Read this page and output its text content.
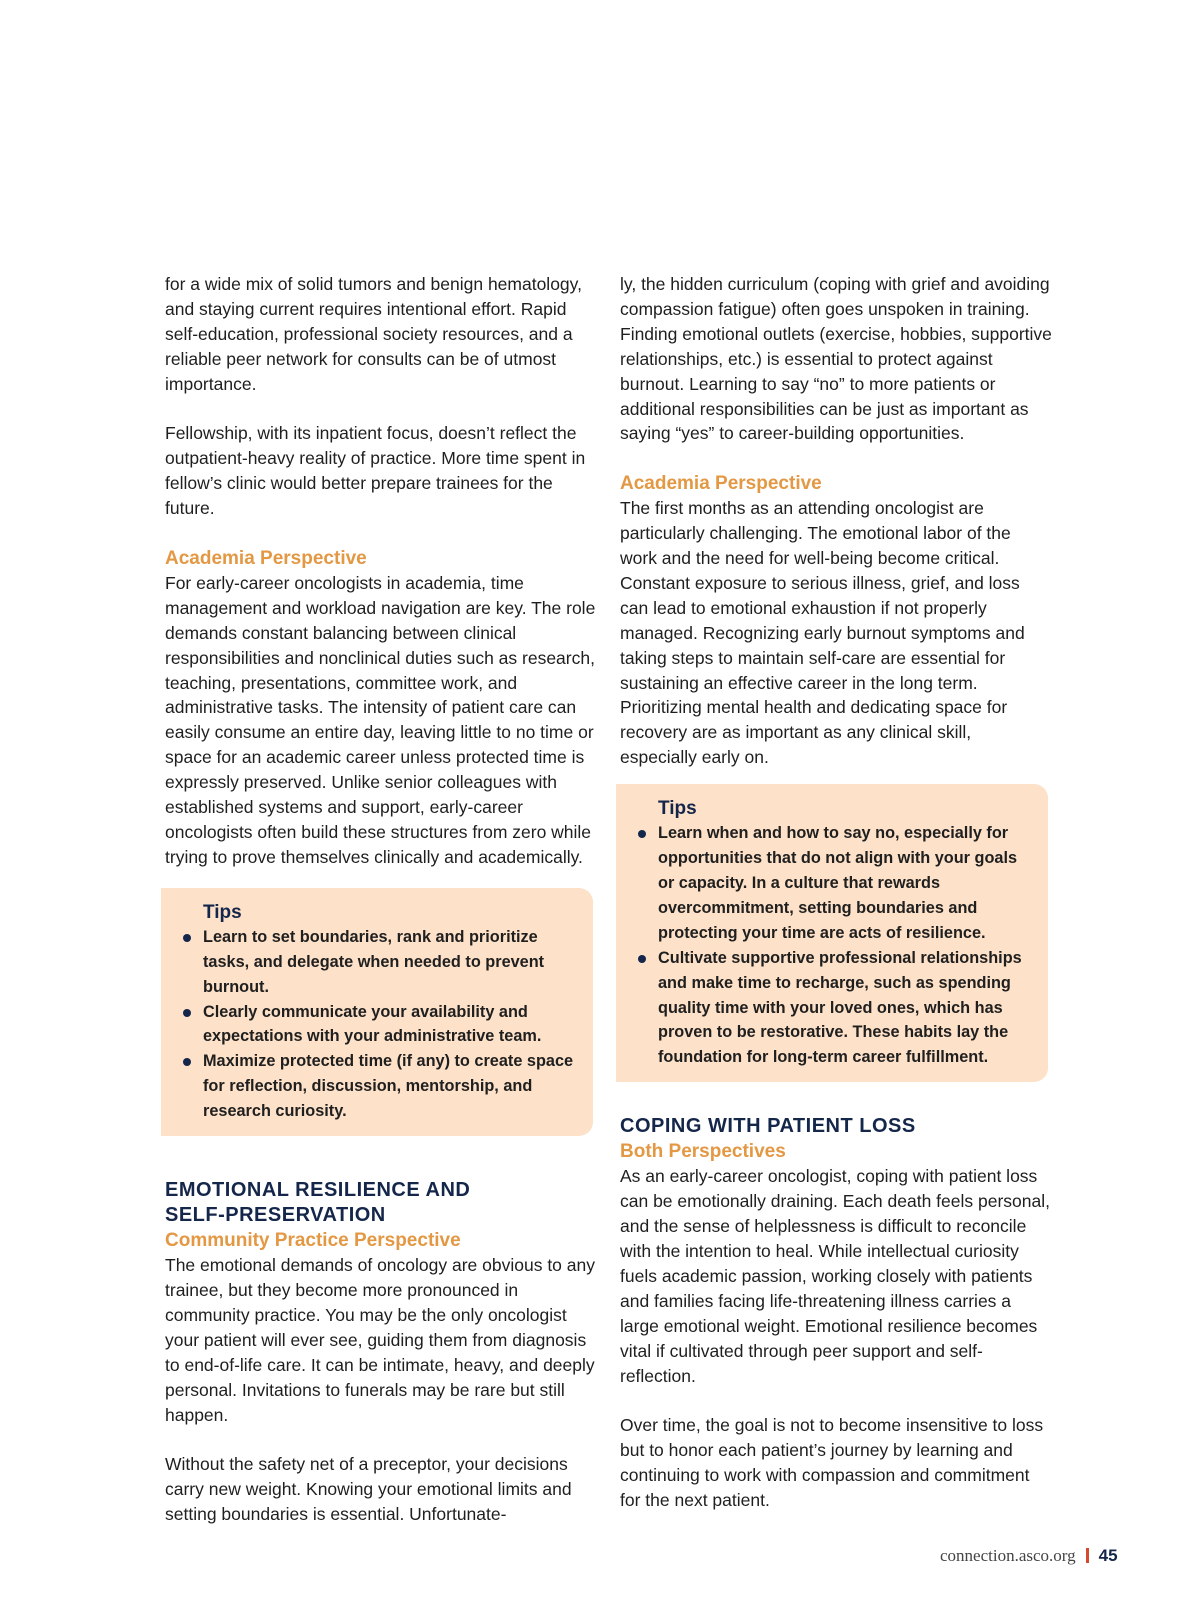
for a wide mix of solid tumors and benign hematology, and staying current requires intentional effort. Rapid self-education, professional society resources, and a reliable peer network for consults can be of utmost importance.

Fellowship, with its inpatient focus, doesn’t reflect the outpatient-heavy reality of practice. More time spent in fellow’s clinic would better prepare trainees for the future.

Academia Perspective

For early-career oncologists in academia, time management and workload navigation are key. The role demands constant balancing between clinical responsibilities and nonclinical duties such as research, teaching, presentations, committee work, and administrative tasks. The intensity of patient care can easily consume an entire day, leaving little to no time or space for an academic career unless protected time is expressly preserved. Unlike senior colleagues with established systems and support, early-career oncologists often build these structures from zero while trying to prove themselves clinically and academically.

Tips
Learn to set boundaries, rank and prioritize tasks, and delegate when needed to prevent burnout.
Clearly communicate your availability and expectations with your administrative team.
Maximize protected time (if any) to create space for reflection, discussion, mentorship, and research curiosity.
EMOTIONAL RESILIENCE AND SELF-PRESERVATION
Community Practice Perspective

The emotional demands of oncology are obvious to any trainee, but they become more pronounced in community practice. You may be the only oncologist your patient will ever see, guiding them from diagnosis to end-of-life care. It can be intimate, heavy, and deeply personal. Invitations to funerals may be rare but still happen.

Without the safety net of a preceptor, your decisions carry new weight. Knowing your emotional limits and setting boundaries is essential. Unfortunate-

ly, the hidden curriculum (coping with grief and avoiding compassion fatigue) often goes unspoken in training. Finding emotional outlets (exercise, hobbies, supportive relationships, etc.) is essential to protect against burnout. Learning to say “no” to more patients or additional responsibilities can be just as important as saying “yes” to career-building opportunities.

Academia Perspective

The first months as an attending oncologist are particularly challenging. The emotional labor of the work and the need for well-being become critical. Constant exposure to serious illness, grief, and loss can lead to emotional exhaustion if not properly managed. Recognizing early burnout symptoms and taking steps to maintain self-care are essential for sustaining an effective career in the long term. Prioritizing mental health and dedicating space for recovery are as important as any clinical skill, especially early on.

Tips
Learn when and how to say no, especially for opportunities that do not align with your goals or capacity. In a culture that rewards overcommitment, setting boundaries and protecting your time are acts of resilience.
Cultivate supportive professional relationships and make time to recharge, such as spending quality time with your loved ones, which has proven to be restorative. These habits lay the foundation for long-term career fulfillment.
COPING WITH PATIENT LOSS
Both Perspectives

As an early-career oncologist, coping with patient loss can be emotionally draining. Each death feels personal, and the sense of helplessness is difficult to reconcile with the intention to heal. While intellectual curiosity fuels academic passion, working closely with patients and families facing life-threatening illness carries a large emotional weight. Emotional resilience becomes vital if cultivated through peer support and self-reflection.

Over time, the goal is not to become insensitive to loss but to honor each patient’s journey by learning and continuing to work with compassion and commitment for the next patient.

connection.asco.org 45
